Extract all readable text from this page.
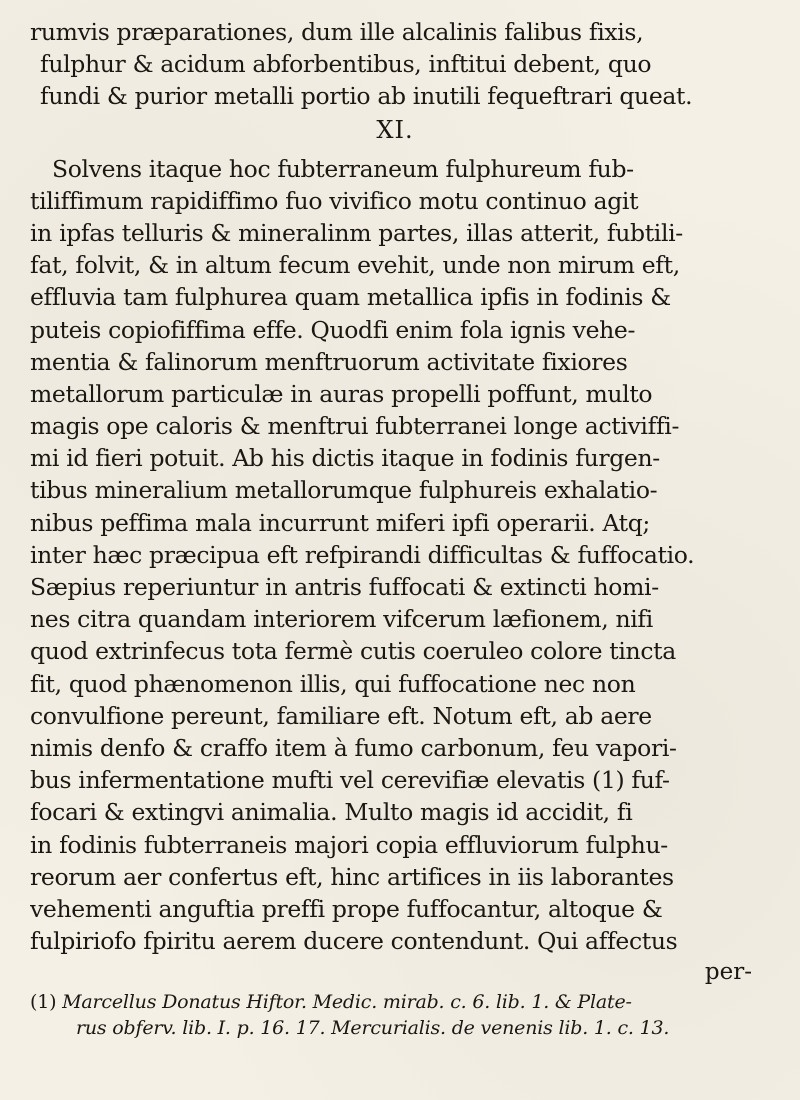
rumvis præparationes, dum ille alcalinis falibus fixis,
fulphur & acidum abforbentibus, inftitui debent, quo
fundi & purior metalli portio ab inutili fequeftrari queat.
XI.
Solvens itaque hoc fubterraneum fulphureum fub-
tiliffimum rapidiffimo fuo vivifico motu continuo agit
in ipfas telluris & mineralinm partes, illas atterit, fubtili-
fat, folvit, & in altum fecum evehit, unde non mirum eft,
effluvia tam fulphurea quam metallica ipfis in fodinis &
puteis copiofiffima effe. Quodfi enim fola ignis vehe-
mentia & falinorum menftruorum activitate fixiores
metallorum particulæ in auras propelli poffunt, multo
magis ope caloris & menftrui fubterranei longe activiffi-
mi id fieri potuit. Ab his dictis itaque in fodinis furgen-
tibus mineralium metallorumque fulphureis exhalatio-
nibus peffima mala incurrunt miferi ipfi operarii. Atq;
inter hæc præcipua eft refpirandi difficultas & fuffocatio.
Sæpius reperiuntur in antris fuffocati & extincti homi-
nes citra quandam interiorem vifcerum læfionem, nifi
quod extrinfecus tota fermè cutis coeruleo colore tincta
fit, quod phænomenon illis, qui fuffocatione nec non
convulfione pereunt, familiare eft. Notum eft, ab aere
nimis denfo & craffo item à fumo carbonum, feu vapori-
bus infermentatione mufti vel cerevifiæ elevatis (1) fuf-
focari & extingvi animalia. Multo magis id accidit, fi
in fodinis fubterraneis majori copia effluviorum fulphu-
reorum aer confertus eft, hinc artifices in iis laborantes
vehementi anguftia preffi prope fuffocantur, altoque &
fulpiriofo fpiritu aerem ducere contendunt. Qui affectus
per-
(1) Marcellus Donatus Hiftor. Medic. mirab. c. 6. lib. 1. & Plate-
rus obferv. lib. I. p. 16. 17. Mercurialis. de venenis lib. 1. c. 13.
